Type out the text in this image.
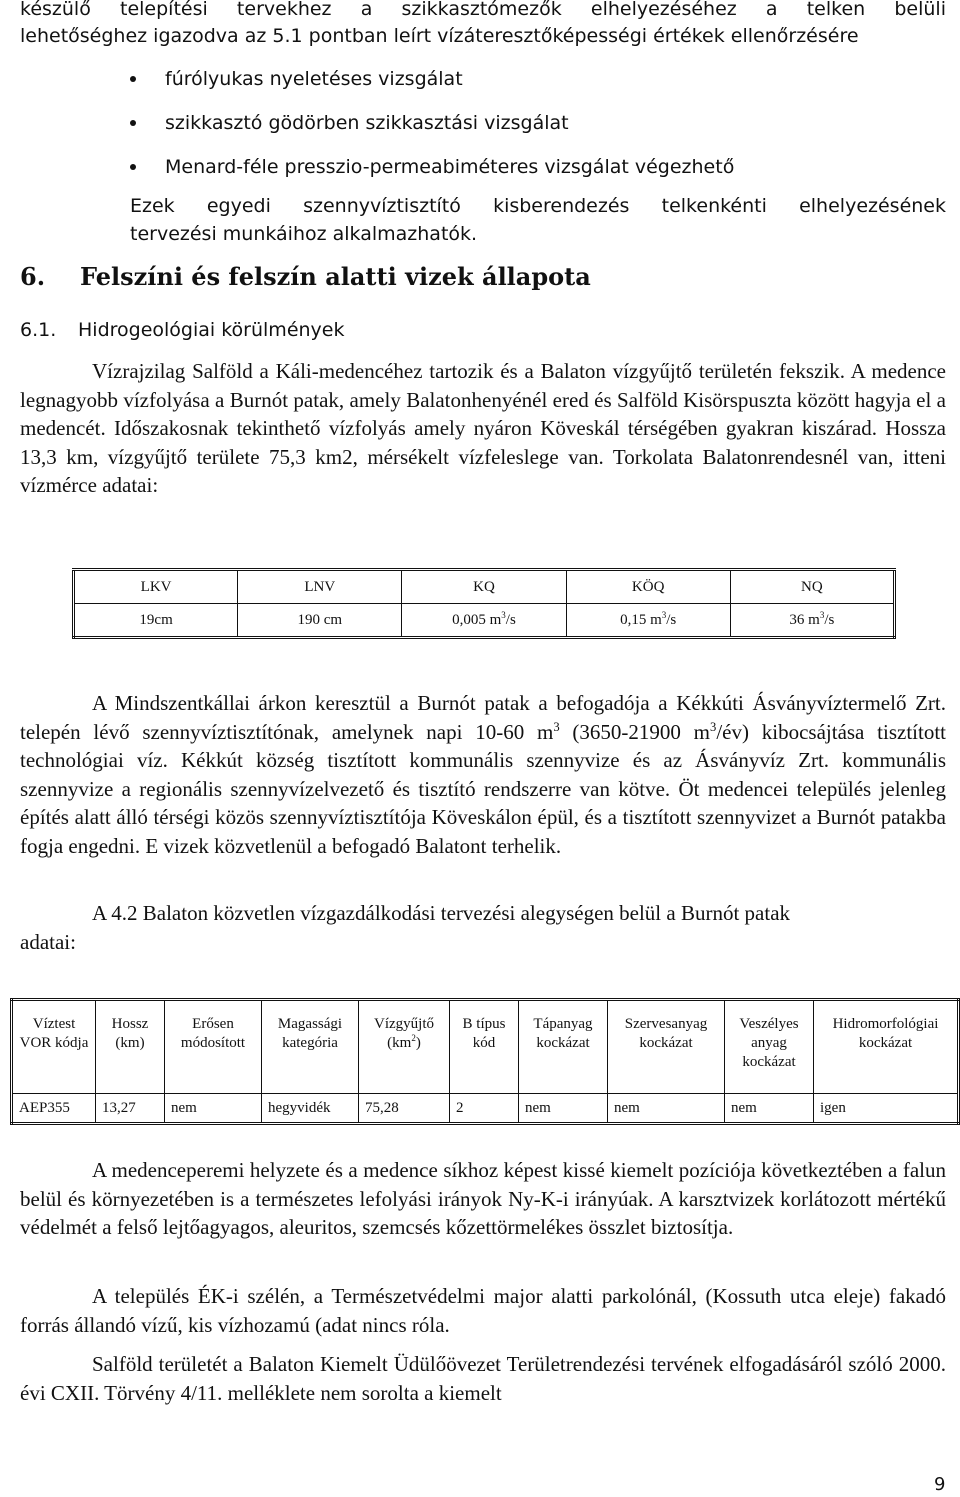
készülő telepítési tervekhez a szikkasztómezők elhelyezéséhez a telken belüli
lehetőséghez igazodva az 5.1 pontban leírt vízáteresztőképességi értékek ellenőrzésére
fúrólyukas nyeletéses vizsgálat
szikkasztó gödörben szikkasztási vizsgálat
Menard-féle presszio-permeabiméteres vizsgálat végezhető
Ezek egyedi szennyvíztisztító kisberendezés telkenkénti elhelyezésének
tervezési munkáihoz alkalmazhatók.
6. Felszíni és felszín alatti vizek állapota
6.1. Hidrogeológiai körülmények
Vízrajzilag Salföld a Káli-medencéhez tartozik és a Balaton vízgyűjtő területén fekszik. A medence legnagyobb vízfolyása a Burnót patak, amely Balatonhenyénél ered és Salföld Kisörspuszta között hagyja el a medencét. Időszakosnak tekinthető vízfolyás amely nyáron Köveskál térségében gyakran kiszárad. Hossza 13,3 km, vízgyűjtő területe 75,3 km2, mérsékelt vízfeleslege van. Torkolata Balatonrendesnél van, itteni vízmérce adatai:
LKV	LNV	KQ	KÖQ	NQ
19cm	190 cm	0,005 $m^3/s$	0,15 $m^3/s$	36 $m^3/s$
A Mindszentkállai árkon keresztül a Burnót patak a befogadója a Kékkúti Ásványvíztermelő Zrt. telepén lévő szennyvíztisztítónak, amelynek napi 10-60 $m^3$ (3650-21900 $m^3/év$) kibocsájtása tisztított technológiai víz. Kékkút község tisztított kommunális szennyvize és az Ásványvíz Zrt. kommunális szennyvize a regionális szennyvízelvezető és tisztító rendszerre van kötve. Öt medencei település jelenleg építés alatt álló térségi közös szennyvíztisztítója Köveskálon épül, és a tisztított szennyvizet a Burnót patakba fogja engedni. E vizek közvetlenül a befogadó Balatont terhelik.
A 4.2 Balaton közvetlen vízgazdálkodási tervezési alegységen belül a Burnót patak
adatai:
Víztest VOR kódja	Hossz (km)	Erősen módosított	Magassági kategória	Vízgyűjtő $(km^2)$	B típus kód	Tápanyag kockázat	Szervesanyag kockázat	Veszélyes anyag kockázat	Hidromorfológiai kockázat
AEP355	13,27	nem	hegyvidék	75,28	2	nem	nem	nem	igen
A medenceperemi helyzete és a medence síkhoz képest kissé kiemelt pozíciója következtében a falun belül és környezetében is a természetes lefolyási irányok Ny-K-i irányúak. A karsztvizek korlátozott mértékű védelmét a felső lejtőagyagos, aleuritos, szemcsés kőzettörmelékes összlet biztosítja.
A település ÉK-i szélén, a Természetvédelmi major alatti parkolónál, (Kossuth utca eleje) fakadó forrás állandó vízű, kis vízhozamú (adat nincs róla.
Salföld területét a Balaton Kiemelt Üdülőövezet Területrendezési tervének elfogadásáról szóló 2000. évi CXII. Törvény 4/11. melléklete nem sorolta a kiemelt
9
